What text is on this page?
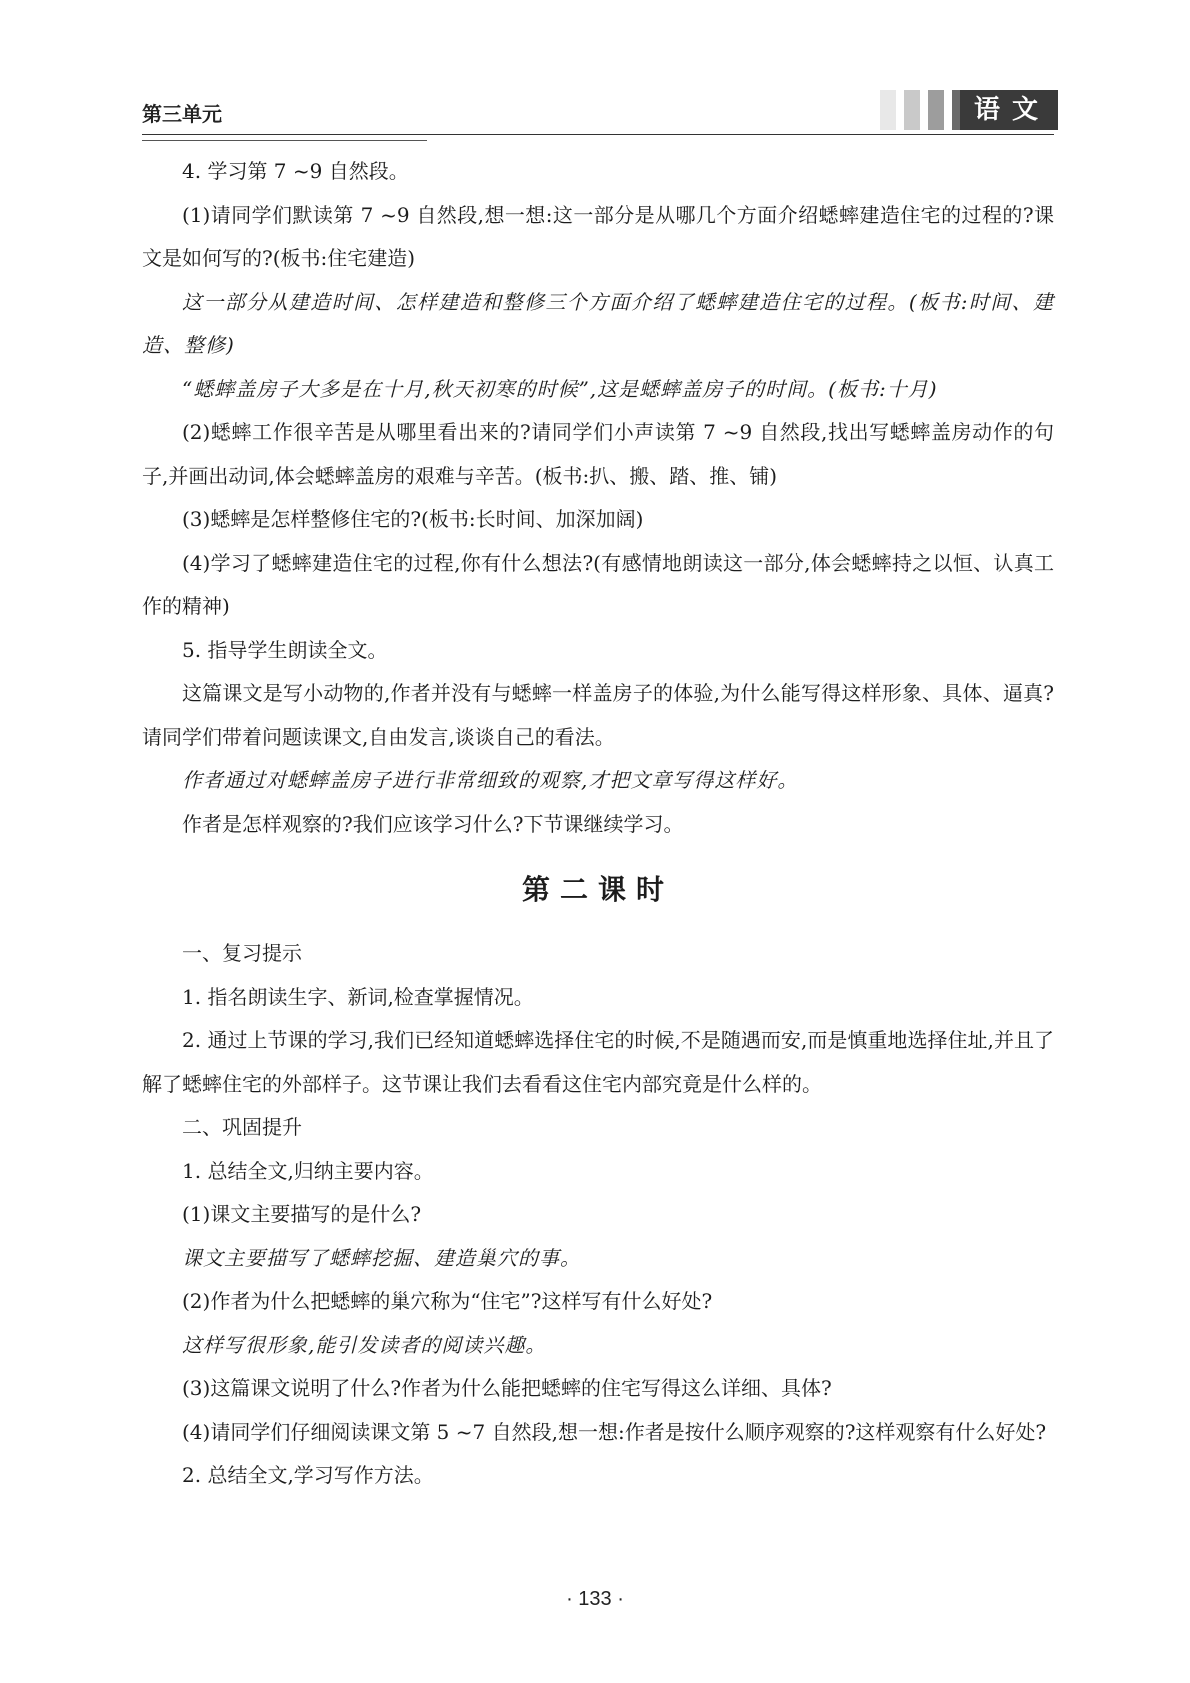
第三单元	语文

4. 学习第 7 ~9 自然段。

(1)请同学们默读第 7 ~9 自然段,想一想:这一部分是从哪几个方面介绍蟋蟀建造住宅的过程的?课文是如何写的?(板书:住宅建造)

这一部分从建造时间、怎样建造和整修三个方面介绍了蟋蟀建造住宅的过程。(板书:时间、建造、整修)

“蟋蟀盖房子大多是在十月,秋天初寒的时候”,这是蟋蟀盖房子的时间。(板书:十月)

(2)蟋蟀工作很辛苦是从哪里看出来的?请同学们小声读第 7 ~9 自然段,找出写蟋蟀盖房动作的句子,并画出动词,体会蟋蟀盖房的艰难与辛苦。(板书:扒、搬、踏、推、铺)

(3)蟋蟀是怎样整修住宅的?(板书:长时间、加深加阔)

(4)学习了蟋蟀建造住宅的过程,你有什么想法?(有感情地朗读这一部分,体会蟋蟀持之以恒、认真工作的精神)

5. 指导学生朗读全文。

这篇课文是写小动物的,作者并没有与蟋蟀一样盖房子的体验,为什么能写得这样形象、具体、逼真?请同学们带着问题读课文,自由发言,谈谈自己的看法。

作者通过对蟋蟀盖房子进行非常细致的观察,才把文章写得这样好。

作者是怎样观察的?我们应该学习什么?下节课继续学习。

第二课时

一、复习提示

1. 指名朗读生字、新词,检查掌握情况。

2. 通过上节课的学习,我们已经知道蟋蟀选择住宅的时候,不是随遇而安,而是慎重地选择住址,并且了解了蟋蟀住宅的外部样子。这节课让我们去看看这住宅内部究竟是什么样的。

二、巩固提升

1. 总结全文,归纳主要内容。

(1)课文主要描写的是什么?

课文主要描写了蟋蟀挖掘、建造巢穴的事。

(2)作者为什么把蟋蟀的巢穴称为“住宅”?这样写有什么好处?

这样写很形象,能引发读者的阅读兴趣。

(3)这篇课文说明了什么?作者为什么能把蟋蟀的住宅写得这么详细、具体?

(4)请同学们仔细阅读课文第 5 ~7 自然段,想一想:作者是按什么顺序观察的?这样观察有什么好处?

2. 总结全文,学习写作方法。

· 133 ·
